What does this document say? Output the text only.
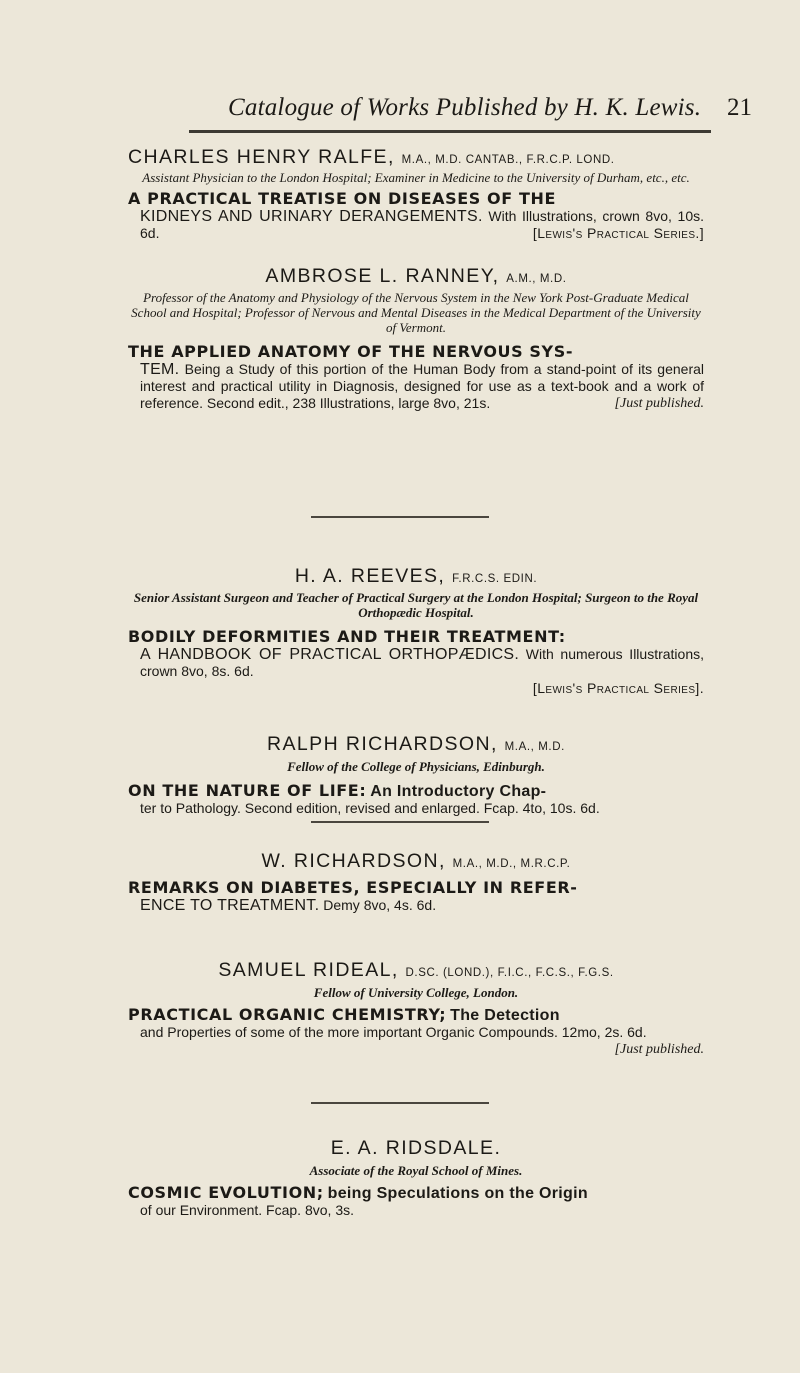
Catalogue of Works Published by H. K. Lewis. 21
CHARLES HENRY RALFE, M.A., M.D. CANTAB., F.R.C.P. LOND.
Assistant Physician to the London Hospital; Examiner in Medicine to the University of Durham, etc., etc.
A PRACTICAL TREATISE ON DISEASES OF THE

KIDNEYS AND URINARY DERANGEMENTS. With Illustrations, crown 8vo, 10s. 6d.	[Lewis's Practical Series.]
AMBROSE L. RANNEY, A.M., M.D.
Professor of the Anatomy and Physiology of the Nervous System in the New York Post-Graduate Medical School and Hospital; Professor of Nervous and Mental Diseases in the Medical Department of the University of Vermont.
THE APPLIED ANATOMY OF THE NERVOUS SYS-

TEM. Being a Study of this portion of the Human Body from a stand-point of its general interest and practical utility in Diagnosis, designed for use as a text-book and a work of reference. Second edit., 238 Illustrations, large 8vo, 21s.	[Just published.
H. A. REEVES, F.R.C.S. EDIN.
Senior Assistant Surgeon and Teacher of Practical Surgery at the London Hospital; Surgeon to the Royal Orthopædic Hospital.
BODILY DEFORMITIES AND THEIR TREATMENT:

A HANDBOOK OF PRACTICAL ORTHOPÆDICS. With numerous Illustrations, crown 8vo, 8s. 6d.

[Lewis's Practical Series].
RALPH RICHARDSON, M.A., M.D.
Fellow of the College of Physicians, Edinburgh.
ON THE NATURE OF LIFE: An Introductory Chap-

ter to Pathology. Second edition, revised and enlarged. Fcap. 4to, 10s. 6d.
W. RICHARDSON, M.A., M.D., M.R.C.P.
REMARKS ON DIABETES, ESPECIALLY IN REFER-

ENCE TO TREATMENT. Demy 8vo, 4s. 6d.
SAMUEL RIDEAL, D.SC. (LOND.), F.I.C., F.C.S., F.G.S.
Fellow of University College, London.
PRACTICAL ORGANIC CHEMISTRY; The Detection

and Properties of some of the more important Organic Compounds. 12mo, 2s. 6d.
[Just published.
E. A. RIDSDALE.
Associate of the Royal School of Mines.
COSMIC EVOLUTION; being Speculations on the Origin

of our Environment. Fcap. 8vo, 3s.
